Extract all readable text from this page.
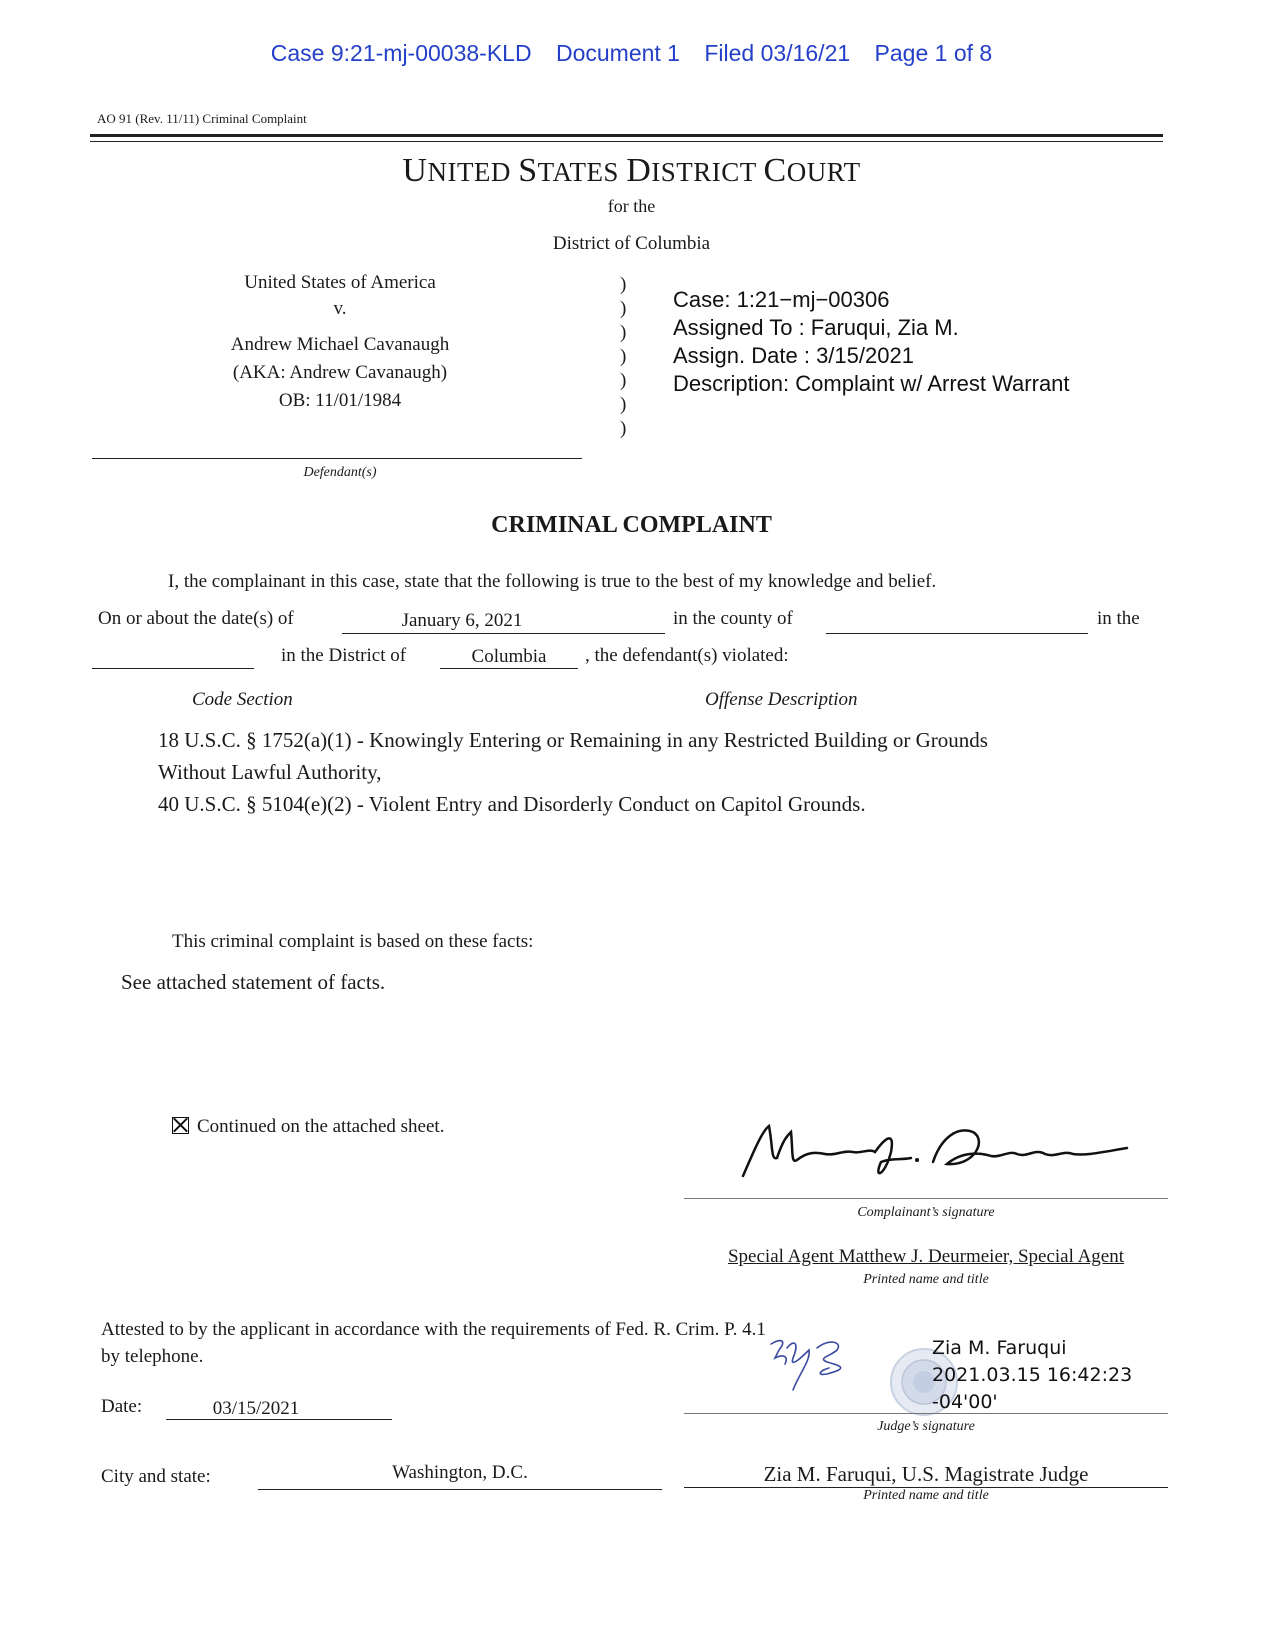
Case 9:21-mj-00038-KLD Document 1 Filed 03/16/21 Page 1 of 8
AO 91 (Rev. 11/11) Criminal Complaint
UNITED STATES DISTRICT COURT
for the
District of Columbia
United States of America
v.
Andrew Michael Cavanaugh
(AKA: Andrew Cavanaugh)
OB: 11/01/1984
Defendant(s)
)
)
)
)
)
)
)
Case: 1:21−mj−00306
Assigned To : Faruqui, Zia M.
Assign. Date : 3/15/2021
Description: Complaint w/ Arrest Warrant
CRIMINAL COMPLAINT
I, the complainant in this case, state that the following is true to the best of my knowledge and belief.
On or about the date(s) of	January 6, 2021	in the county of	in the
in the District of	Columbia	, the defendant(s) violated:
Code Section	Offense Description
18 U.S.C. § 1752(a)(1) - Knowingly Entering or Remaining in any Restricted Building or Grounds
Without Lawful Authority,
40 U.S.C. § 5104(e)(2) - Violent Entry and Disorderly Conduct on Capitol Grounds.
This criminal complaint is based on these facts:
See attached statement of facts.
Continued on the attached sheet.
Complainant’s signature
Special Agent Matthew J. Deurmeier, Special Agent
Printed name and title
Attested to by the applicant in accordance with the requirements of Fed. R. Crim. P. 4.1
by telephone.
Date:	03/15/2021
City and state:	Washington, D.C.
Zia M. Faruqui
2021.03.15 16:42:23
-04'00'
Judge’s signature
Zia M. Faruqui, U.S. Magistrate Judge
Printed name and title
